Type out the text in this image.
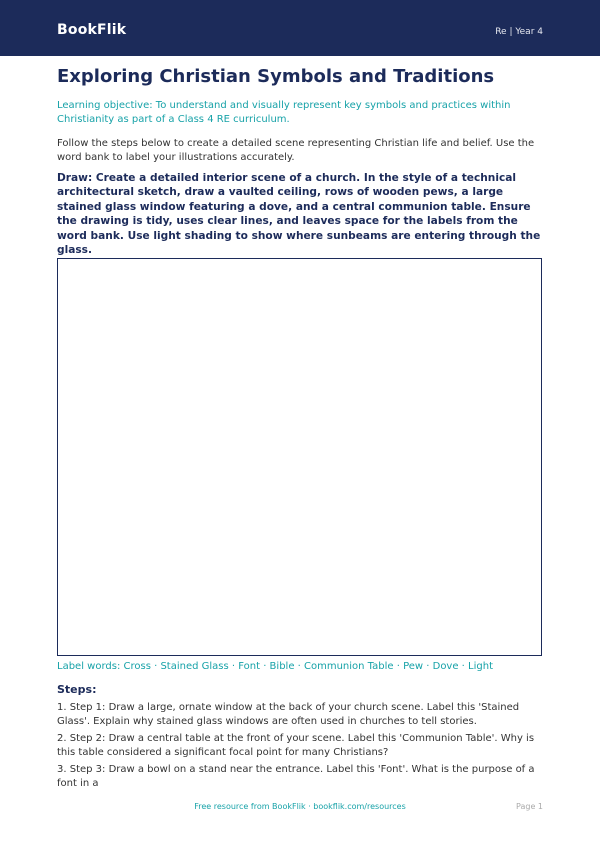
BookFlik	Re | Year 4
Exploring Christian Symbols and Traditions
Learning objective: To understand and visually represent key symbols and practices within Christianity as part of a Class 4 RE curriculum.
Follow the steps below to create a detailed scene representing Christian life and belief. Use the word bank to label your illustrations accurately.
Draw: Create a detailed interior scene of a church. In the style of a technical architectural sketch, draw a vaulted ceiling, rows of wooden pews, a large stained glass window featuring a dove, and a central communion table. Ensure the drawing is tidy, uses clear lines, and leaves space for the labels from the word bank. Use light shading to show where sunbeams are entering through the glass.
Label words: Cross · Stained Glass · Font · Bible · Communion Table · Pew · Dove · Light
Steps:

1. Step 1: Draw a large, ornate window at the back of your church scene. Label this 'Stained Glass'. Explain why stained glass windows are often used in churches to tell stories.

2. Step 2: Draw a central table at the front of your scene. Label this 'Communion Table'. Why is this table considered a significant focal point for many Christians?

3. Step 3: Draw a bowl on a stand near the entrance. Label this 'Font'. What is the purpose of a font in a

Free resource from BookFlik · bookflik.com/resources	Page 1
